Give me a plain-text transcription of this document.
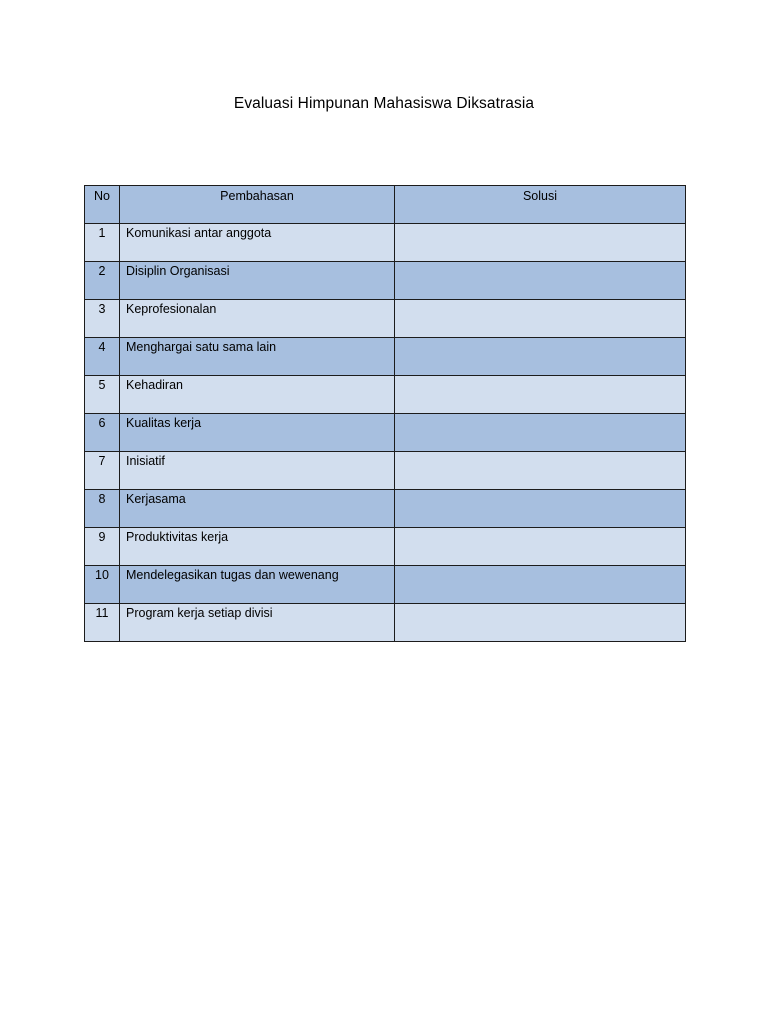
Evaluasi Himpunan Mahasiswa Diksatrasia
No	Pembahasan	Solusi
1	Komunikasi antar anggota	
2	Disiplin Organisasi	
3	Keprofesionalan	
4	Menghargai satu sama lain	
5	Kehadiran	
6	Kualitas kerja	
7	Inisiatif	
8	Kerjasama	
9	Produktivitas kerja	
10	Mendelegasikan tugas dan wewenang	
11	Program kerja setiap divisi	
